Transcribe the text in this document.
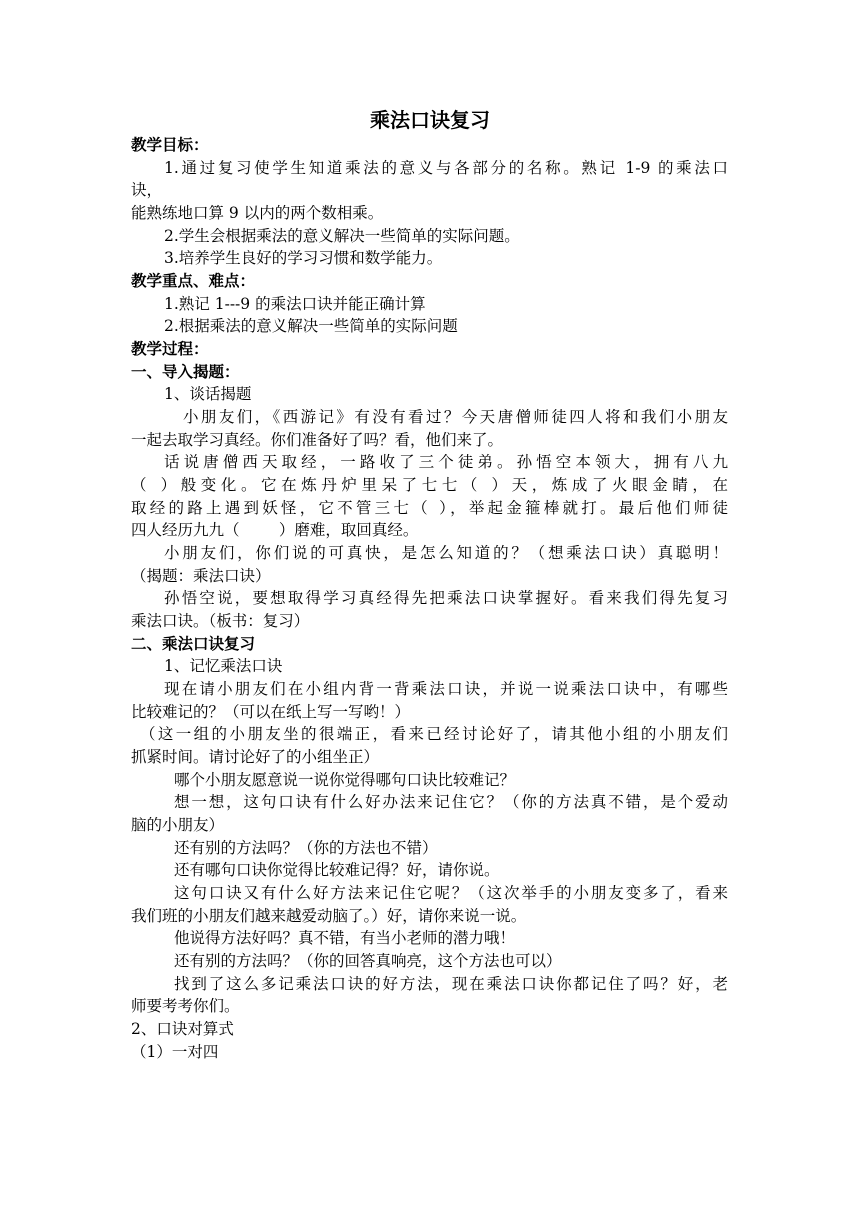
乘法口诀复习
教学目标：
1.通过复习使学生知道乘法的意义与各部分的名称。熟记 1-9 的乘法口
诀，
能熟练地口算 9 以内的两个数相乘。
2.学生会根据乘法的意义解决一些简单的实际问题。
3.培养学生良好的学习习惯和数学能力。
教学重点、难点：
1.熟记 1---9 的乘法口诀并能正确计算
2.根据乘法的意义解决一些简单的实际问题
教学过程：
一、导入揭题：
1、谈话揭题
小朋友们，《西游记》有没有看过？今天唐僧师徒四人将和我们小朋友
一起去取学习真经。你们准备好了吗？看，他们来了。
话说唐僧西天取经，一路收了三个徒弟。孙悟空本领大，拥有八九
（ ）般变化。它在炼丹炉里呆了七七（ ）天，炼成了火眼金睛，在
取经的路上遇到妖怪，它不管三七（ ），举起金箍棒就打。最后他们师徒
四人经历九九（        ）磨难，取回真经。
小朋友们，你们说的可真快，是怎么知道的？（想乘法口诀）真聪明！
（揭题：乘法口诀）
孙悟空说，要想取得学习真经得先把乘法口诀掌握好。看来我们得先复习
乘法口诀。（板书：复习）
二、乘法口诀复习
1、记忆乘法口诀
现在请小朋友们在小组内背一背乘法口诀，并说一说乘法口诀中，有哪些
比较难记的？（可以在纸上写一写哟！）
（这一组的小朋友坐的很端正，看来已经讨论好了，请其他小组的小朋友们
抓紧时间。请讨论好了的小组坐正）
哪个小朋友愿意说一说你觉得哪句口诀比较难记？
想一想，这句口诀有什么好办法来记住它？（你的方法真不错，是个爱动
脑的小朋友）
还有别的方法吗？（你的方法也不错）
还有哪句口诀你觉得比较难记得？好，请你说。
这句口诀又有什么好方法来记住它呢？（这次举手的小朋友变多了，看来
我们班的小朋友们越来越爱动脑了。）好，请你来说一说。
他说得方法好吗？真不错，有当小老师的潜力哦！
还有别的方法吗？（你的回答真响亮，这个方法也可以）
找到了这么多记乘法口诀的好方法，现在乘法口诀你都记住了吗？好，老
师要考考你们。
2、口诀对算式
（1）一对四
